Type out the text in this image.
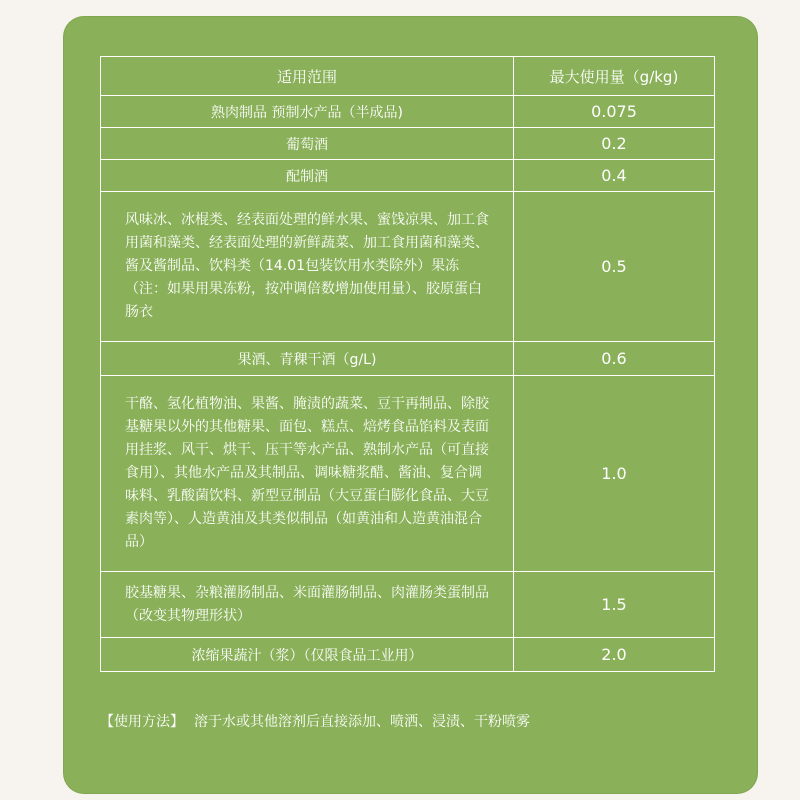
适用范围	最大使用量（g/kg)
熟肉制品 预制水产品（半成品)	0.075
葡萄酒	0.2
配制酒	0.4
风味冰、冰棍类、经表面处理的鲜水果、蜜饯凉果、加工食用菌和藻类、经表面处理的新鲜蔬菜、加工食用菌和藻类、酱及酱制品、饮料类（14.01包装饮用水类除外）果冻（注：如果用果冻粉，按冲调倍数增加使用量）、胶原蛋白肠衣	0.5
果酒、青稞干酒（g/L)	0.6
干酪、氢化植物油、果酱、腌渍的蔬菜、豆干再制品、除胶基糖果以外的其他糖果、面包、糕点、焙烤食品馅料及表面用挂浆、风干、烘干、压干等水产品、熟制水产品（可直接食用）、其他水产品及其制品、调味糖浆醋、酱油、复合调味料、乳酸菌饮料、新型豆制品（大豆蛋白膨化食品、大豆素肉等）、人造黄油及其类似制品（如黄油和人造黄油混合品）	1.0
胶基糖果、杂粮灌肠制品、米面灌肠制品、肉灌肠类蛋制品（改变其物理形状）	1.5
浓缩果蔬汁（浆）（仅限食品工业用）	2.0
【使用方法】 溶于水或其他溶剂后直接添加、喷洒、浸渍、干粉喷雾
